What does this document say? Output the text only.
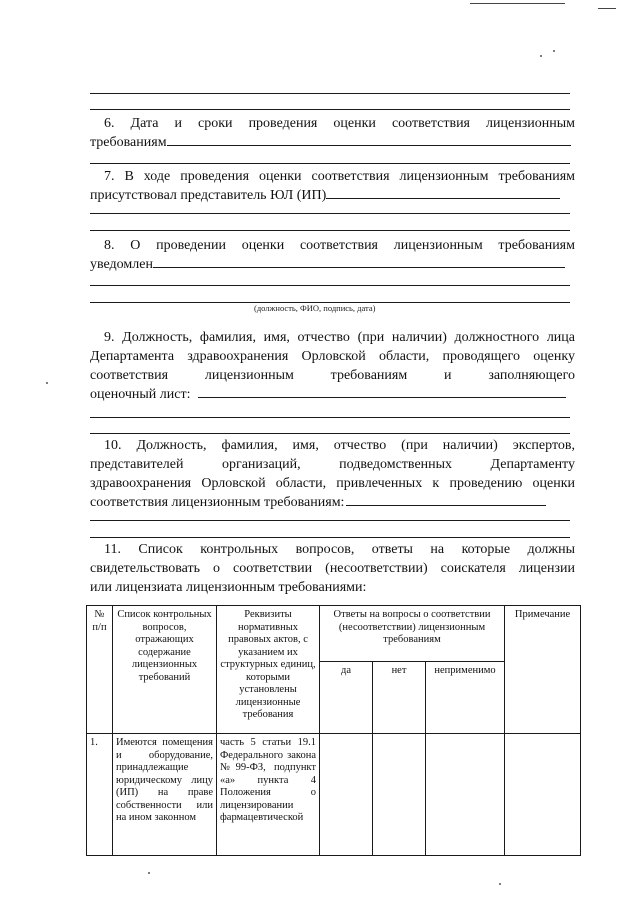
6. Дата и сроки проведения оценки соответствия лицензионным

требованиям

7. В ходе проведения оценки соответствия лицензионным требованиям

присутствовал представитель ЮЛ (ИП)

8. О проведении оценки соответствия лицензионным требованиям

уведомлен

(должность, ФИО, подпись, дата)

9. Должность, фамилия, имя, отчество (при наличии) должностного лица

Департамента здравоохранения Орловской области, проводящего оценку

соответствия лицензионным требованиям и заполняющего

оценочный лист:

10. Должность, фамилия, имя, отчество (при наличии) экспертов,

представителей организаций, подведомственных Департаменту

здравоохранения Орловской области, привлеченных к проведению оценки

соответствия лицензионным требованиям:

11. Список контрольных вопросов, ответы на которые должны

свидетельствовать о соответствии (несоответствии) соискателя лицензии

или лицензиата лицензионным требованиями:

№ п/п	Список контрольных вопросов, отражающих содержание лицензионных требований	Реквизиты нормативных правовых актов, с указанием их структурных единиц, которыми установлены лицензионные требования	Ответы на вопросы о соответствии (несоответствии) лицензионным требованиям			Примечание
			да	нет	неприменимо	
1.	Имеются помещения и оборудование, принадлежащие юридическому лицу (ИП) на праве собственности или на ином законном	часть 5 статьи 19.1 Федерального закона №99-ФЗ, подпункт «а» пункта 4 Положения о лицензировании фармацевтической				
